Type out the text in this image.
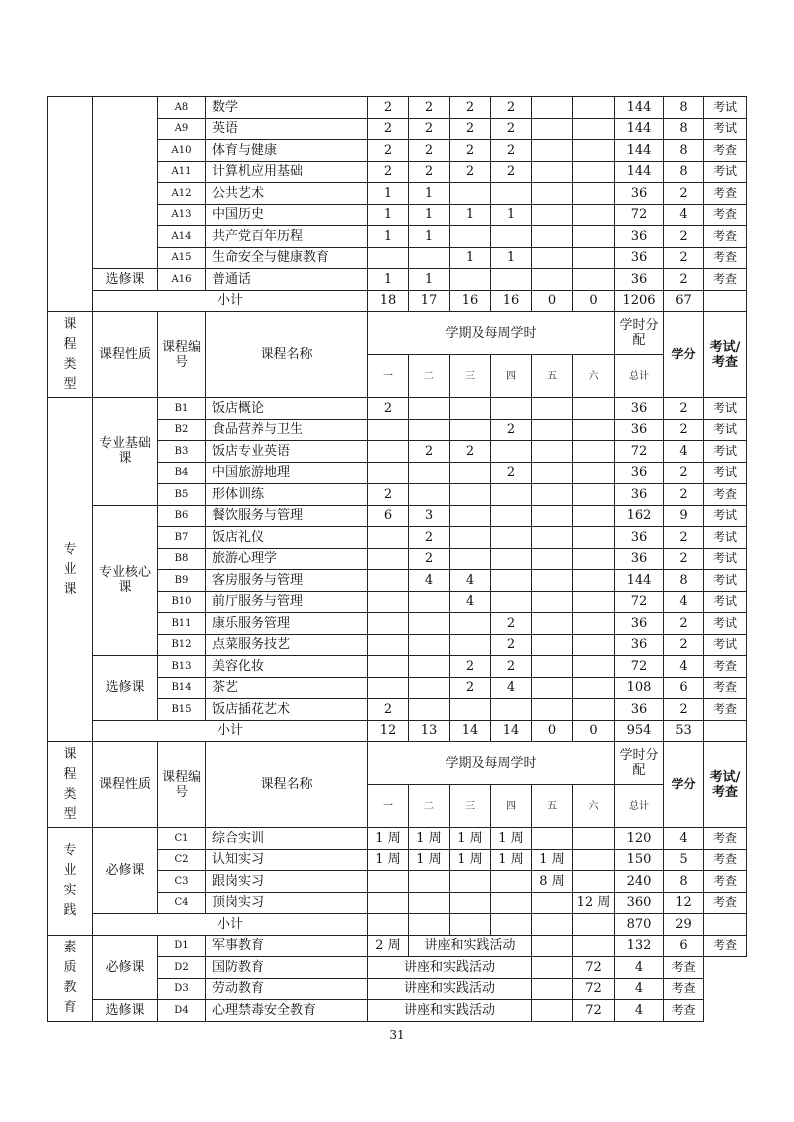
		A8	数学	2	2	2	2			144	8	考试
		A9	英语	2	2	2	2			144	8	考试
		A10	体育与健康	2	2	2	2			144	8	考查
		A11	计算机应用基础	2	2	2	2			144	8	考试
		A12	公共艺术	1	1					36	2	考查
		A13	中国历史	1	1	1	1			72	4	考查
		A14	共产党百年历程	1	1					36	2	考查
		A15	生命安全与健康教育			1	1			36	2	考查
	选修课	A16	普通话	1	1					36	2	考查
	小计			18	17	16	16	0	0	1206	67	

课
程
类
型	课程性质	课程编号	课程名称	学期及每周学时						学时分配	学分	考试/考查
				一	二	三	四	五	六	总计		

专
业
课	专业基础课	B1	饭店概论	2						36	2	考试
		B2	食品营养与卫生				2			36	2	考试
		B3	饭店专业英语		2	2				72	4	考试
		B4	中国旅游地理				2			36	2	考试
		B5	形体训练	2						36	2	考查
	专业核心课	B6	餐饮服务与管理	6	3					162	9	考试
		B7	饭店礼仪		2					36	2	考试
		B8	旅游心理学		2					36	2	考试
		B9	客房服务与管理		4	4				144	8	考试
		B10	前厅服务与管理			4				72	4	考试
		B11	康乐服务管理				2			36	2	考试
		B12	点菜服务技艺				2			36	2	考试
	选修课	B13	美容化妆			2	2			72	4	考查
		B14	茶艺			2	4			108	6	考查
		B15	饭店插花艺术	2						36	2	考查
	小计			12	13	14	14	0	0	954	53	

课
程
类
型	课程性质	课程编号	课程名称	学期及每周学时						学时分配	学分	考试/考查
				一	二	三	四	五	六	总计		

专
业
实
践	必修课	C1	综合实训	1 周	1 周	1 周	1 周			120	4	考查
		C2	认知实习	1 周	1 周	1 周	1 周	1 周		150	5	考查
		C3	跟岗实习					8 周		240	8	考查
		C4	顶岗实习						12 周	360	12	考查
	小计									870	29	

素
质
教
育	必修课	D1	军事教育	2 周	讲座和实践活动					132	6	考查
		D2	国防教育	讲座和实践活动					72	4	考查	
		D3	劳动教育	讲座和实践活动					72	4	考查	
	选修课	D4	心理禁毒安全教育	讲座和实践活动					72	4	考查	
31
